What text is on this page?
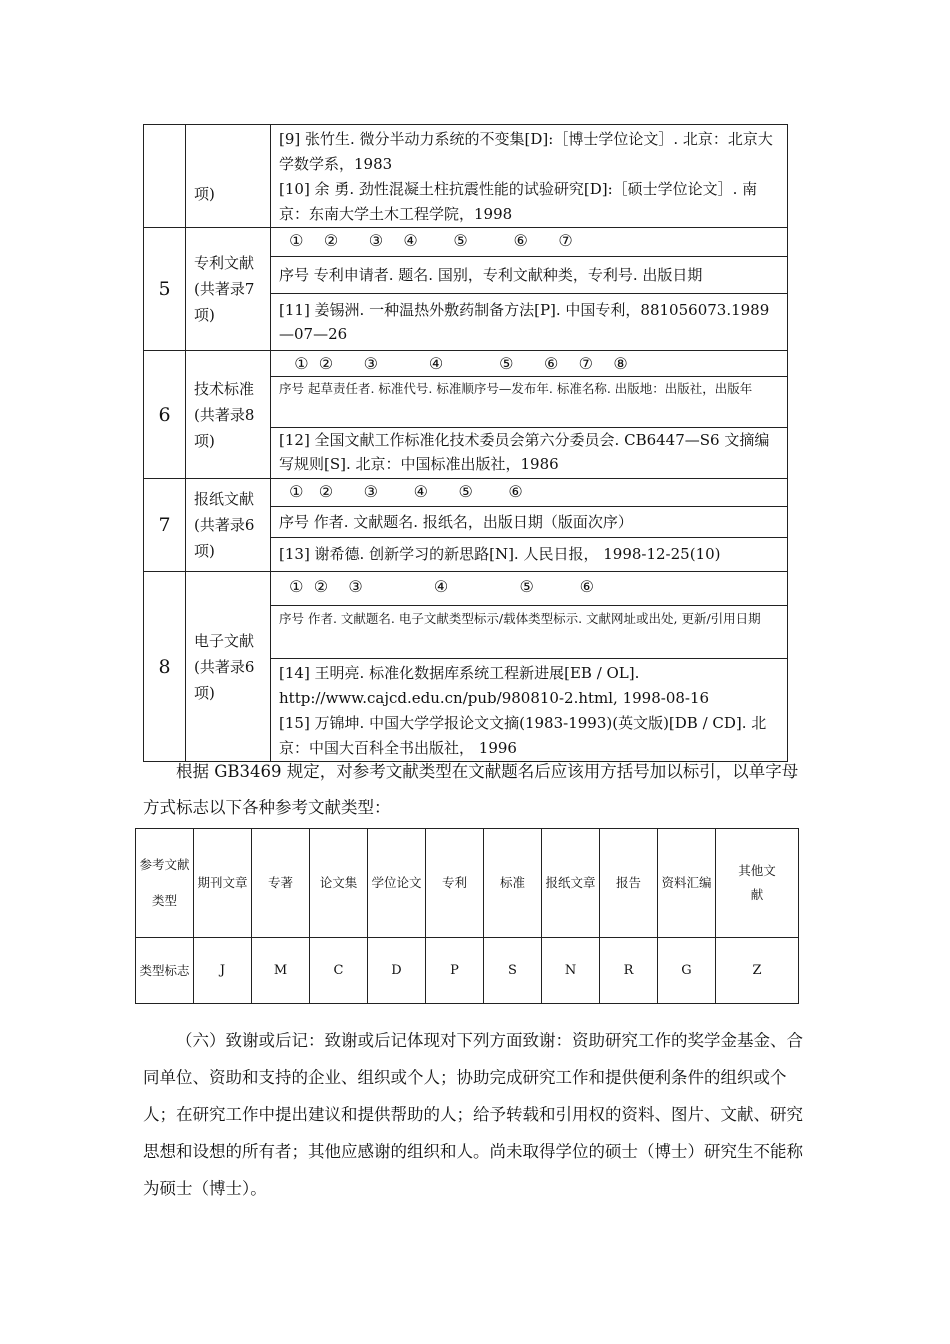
	项)	[9] 张竹生. 微分半动力系统的不变集[D]:［博士学位论文］. 北京：北京大学数学系，1983
[10] 余 勇. 劲性混凝土柱抗震性能的试验研究[D]:［硕士学位论文］. 南京：东南大学土木工程学院，1998

5	专利文献(共著录7项)	①    ②      ③    ④       ⑤         ⑥      ⑦
序号 专利申请者. 题名. 国别，专利文献种类，专利号. 出版日期
[11] 姜锡洲. 一种温热外敷药制备方法[P]. 中国专利，881056073.1989—07—26

6	技术标准(共著录8项)	①  ②      ③          ④           ⑤      ⑥    ⑦    ⑧
序号 起草责任者. 标准代号. 标准顺序号—发布年. 标准名称. 出版地：出版社，出版年
[12] 全国文献工作标准化技术委员会第六分委员会. CB6447—S6 文摘编写规则[S]. 北京：中国标准出版社，1986

7	报纸文献(共著录6项)	①   ②      ③       ④      ⑤       ⑥
序号 作者. 文献题名. 报纸名，出版日期（版面次序）
[13] 谢希德. 创新学习的新思路[N]. 人民日报， 1998-12-25(10)

8	电子文献(共著录6项)	①  ②    ③              ④              ⑤         ⑥
序号 作者. 文献题名. 电子文献类型标示/载体类型标示. 文献网址或出处, 更新/引用日期
[14] 王明亮. 标准化数据库系统工程新进展[EB / OL]. http://www.cajcd.edu.cn/pub/980810-2.html, 1998-08-16
[15] 万锦坤. 中国大学学报论文文摘(1983-1993)(英文版)[DB / CD]. 北京：中国大百科全书出版社， 1996

根据 GB3469 规定，对参考文献类型在文献题名后应该用方括号加以标引，以单字母方式标志以下各种参考文献类型：

参考文献类型	期刊文章	专著	论文集	学位论文	专利	标准	报纸文章	报告	资料汇编	其他文献
类型标志	J	M	C	D	P	S	N	R	G	Z

（六）致谢或后记：致谢或后记体现对下列方面致谢：资助研究工作的奖学金基金、合同单位、资助和支持的企业、组织或个人；协助完成研究工作和提供便利条件的组织或个人；在研究工作中提出建议和提供帮助的人；给予转载和引用权的资料、图片、文献、研究思想和设想的所有者；其他应感谢的组织和人。尚未取得学位的硕士（博士）研究生不能称为硕士（博士）。
